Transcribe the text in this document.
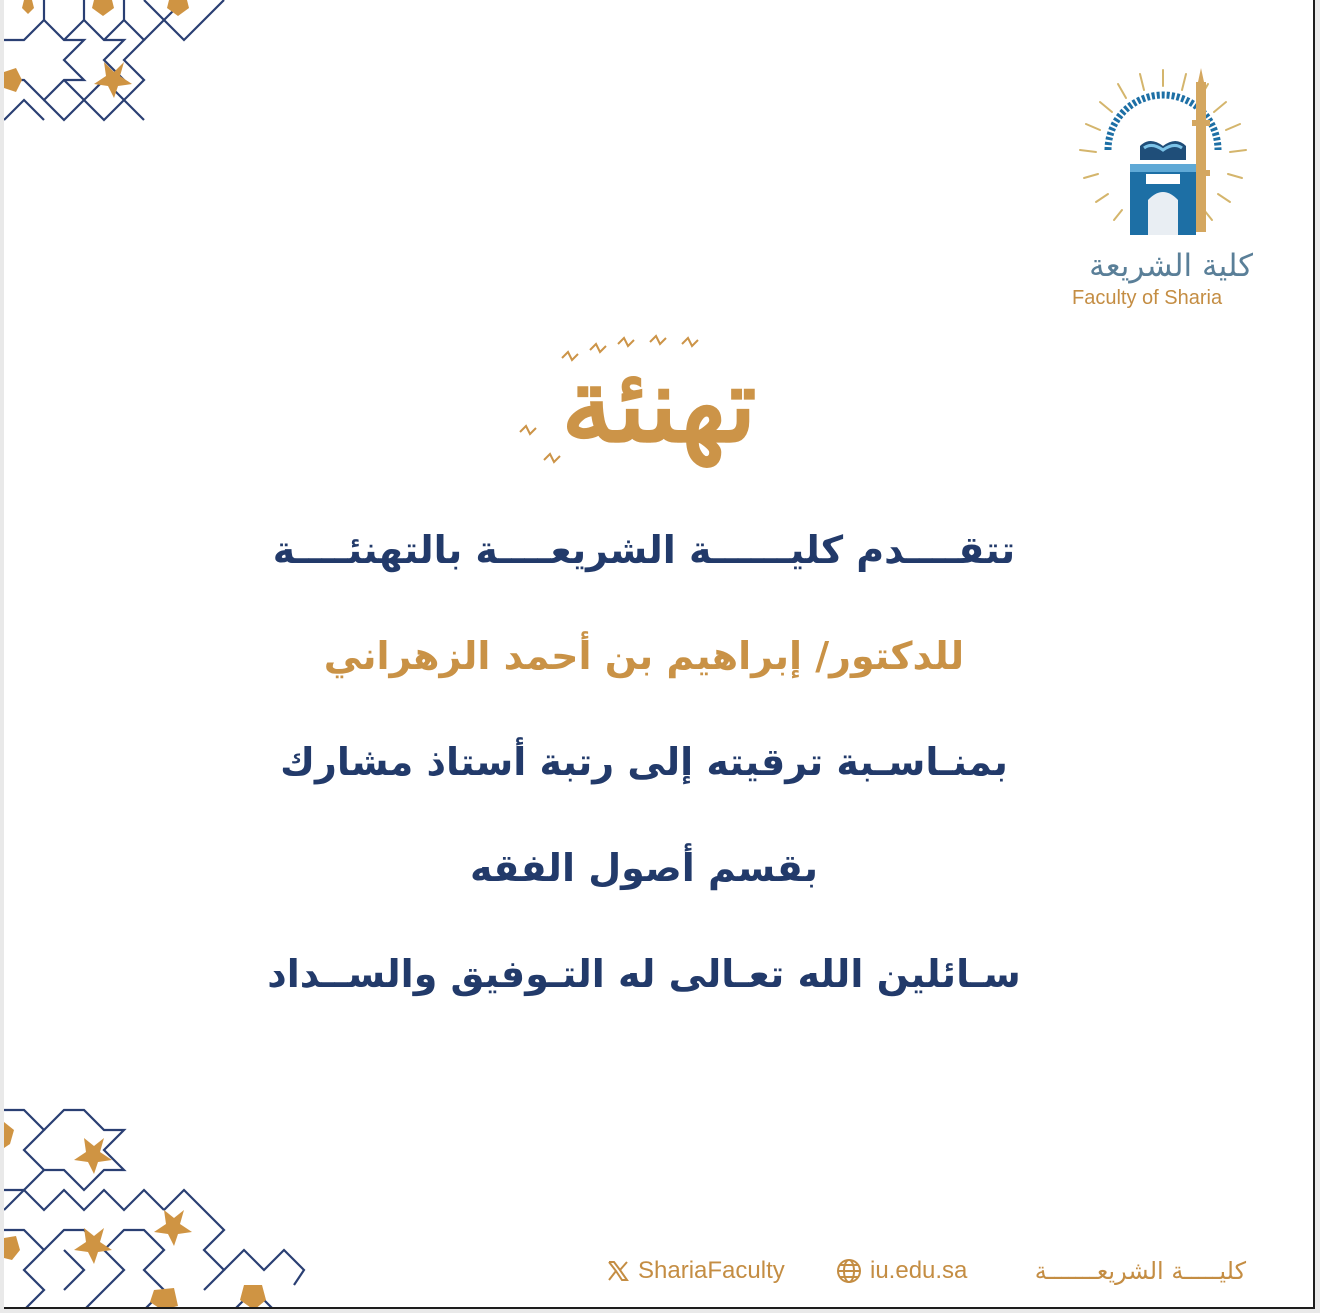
كلية الشريعة
Faculty of Sharia
تهنئة
تتقــــدم كليــــــة الشريعــــة بالتهنئــــة
للدكتور/ إبراهيم بن أحمد الزهراني
بمنـاسـبة ترقيته إلى رتبة أستاذ مشارك
بقسم أصول الفقه
سـائلين الله تعـالى له التـوفيق والســداد
ShariaFaculty	iu.edu.sa	كليـــــة الشريعـــــــة
